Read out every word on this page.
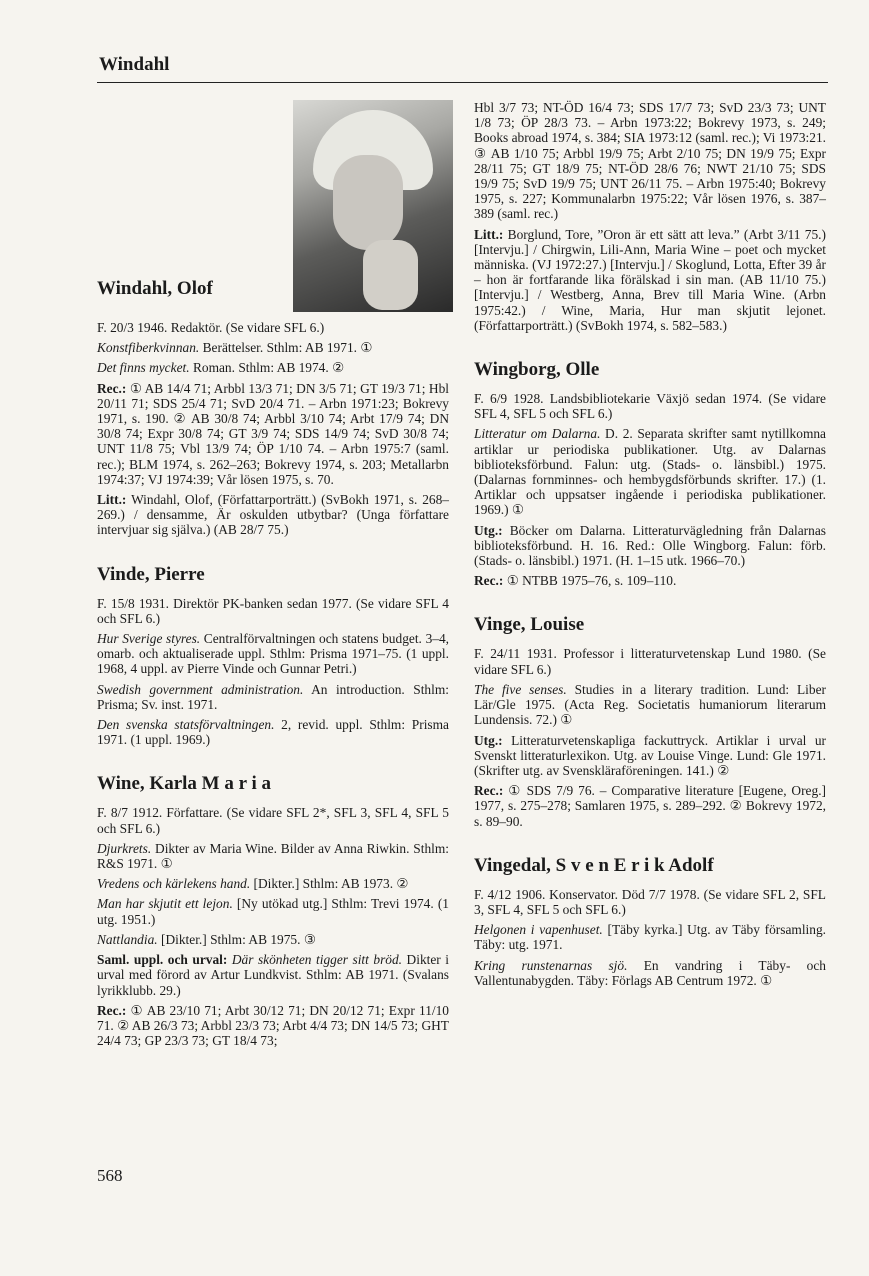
Windahl
Windahl, Olof

F. 20/3 1946. Redaktör. (Se vidare SFL 6.)

Konstfiberkvinnan. Berättelser. Sthlm: AB 1971. ①

Det finns mycket. Roman. Sthlm: AB 1974. ②

Rec.: ① AB 14/4 71; Arbbl 13/3 71; DN 3/5 71; GT 19/3 71; Hbl 20/11 71; SDS 25/4 71; SvD 20/4 71. – Arbn 1971:23; Bokrevy 1971, s. 190. ② AB 30/8 74; Arbbl 3/10 74; Arbt 17/9 74; DN 30/8 74; Expr 30/8 74; GT 3/9 74; SDS 14/9 74; SvD 30/8 74; UNT 11/8 75; Vbl 13/9 74; ÖP 1/10 74. – Arbn 1975:7 (saml. rec.); BLM 1974, s. 262–263; Bokrevy 1974, s. 203; Metallarbn 1974:37; VJ 1974:39; Vår lösen 1975, s. 70.

Litt.: Windahl, Olof, (Författarporträtt.) (SvBokh 1971, s. 268–269.) / densamme, Är oskulden utbytbar? (Unga författare intervjuar sig själva.) (AB 28/7 75.)

Vinde, Pierre

F. 15/8 1931. Direktör PK-banken sedan 1977. (Se vidare SFL 4 och SFL 6.)

Hur Sverige styres. Centralförvaltningen och statens budget. 3–4, omarb. och aktualiserade uppl. Sthlm: Prisma 1971–75. (1 uppl. 1968, 4 uppl. av Pierre Vinde och Gunnar Petri.)

Swedish government administration. An introduction. Sthlm: Prisma; Sv. inst. 1971.

Den svenska statsförvaltningen. 2, revid. uppl. Sthlm: Prisma 1971. (1 uppl. 1969.)

Wine, Karla M a r i a

F. 8/7 1912. Författare. (Se vidare SFL 2*, SFL 3, SFL 4, SFL 5 och SFL 6.)

Djurkrets. Dikter av Maria Wine. Bilder av Anna Riwkin. Sthlm: R&S 1971. ①

Vredens och kärlekens hand. [Dikter.] Sthlm: AB 1973. ②

Man har skjutit ett lejon. [Ny utökad utg.] Sthlm: Trevi 1974. (1 utg. 1951.)

Nattlandia. [Dikter.] Sthlm: AB 1975. ③

Saml. uppl. och urval: Där skönheten tigger sitt bröd. Dikter i urval med förord av Artur Lundkvist. Sthlm: AB 1971. (Svalans lyrikklubb. 29.)

Rec.: ① AB 23/10 71; Arbt 30/12 71; DN 20/12 71; Expr 11/10 71. ② AB 26/3 73; Arbbl 23/3 73; Arbt 4/4 73; DN 14/5 73; GHT 24/4 73; GP 23/3 73; GT 18/4 73;

Hbl 3/7 73; NT-ÖD 16/4 73; SDS 17/7 73; SvD 23/3 73; UNT 1/8 73; ÖP 28/3 73. – Arbn 1973:22; Bokrevy 1973, s. 249; Books abroad 1974, s. 384; SIA 1973:12 (saml. rec.); Vi 1973:21. ③ AB 1/10 75; Arbbl 19/9 75; Arbt 2/10 75; DN 19/9 75; Expr 28/11 75; GT 18/9 75; NT-ÖD 28/6 76; NWT 21/10 75; SDS 19/9 75; SvD 19/9 75; UNT 26/11 75. – Arbn 1975:40; Bokrevy 1975, s. 227; Kommunalarbn 1975:22; Vår lösen 1976, s. 387–389 (saml. rec.)

Litt.: Borglund, Tore, ”Oron är ett sätt att leva.” (Arbt 3/11 75.) [Intervju.] / Chirgwin, Lili-Ann, Maria Wine – poet och mycket människa. (VJ 1972:27.) [Intervju.] / Skoglund, Lotta, Efter 39 år – hon är fortfarande lika förälskad i sin man. (AB 11/10 75.) [Intervju.] / Westberg, Anna, Brev till Maria Wine. (Arbn 1975:42.) / Wine, Maria, Hur man skjutit lejonet. (Författarporträtt.) (SvBokh 1974, s. 582–583.)

Wingborg, Olle

F. 6/9 1928. Landsbibliotekarie Växjö sedan 1974. (Se vidare SFL 4, SFL 5 och SFL 6.)

Litteratur om Dalarna. D. 2. Separata skrifter samt nytillkomna artiklar ur periodiska publikationer. Utg. av Dalarnas biblioteksförbund. Falun: utg. (Stads- o. länsbibl.) 1975. (Dalarnas fornminnes- och hembygdsförbunds skrifter. 17.) (1. Artiklar och uppsatser ingående i periodiska publikationer. 1969.) ①

Utg.: Böcker om Dalarna. Litteraturvägledning från Dalarnas biblioteksförbund. H. 16. Red.: Olle Wingborg. Falun: förb. (Stads- o. länsbibl.) 1971. (H. 1–15 utk. 1966–70.)

Rec.: ① NTBB 1975–76, s. 109–110.

Vinge, Louise

F. 24/11 1931. Professor i litteraturvetenskap Lund 1980. (Se vidare SFL 6.)

The five senses. Studies in a literary tradition. Lund: Liber Lär/Gle 1975. (Acta Reg. Societatis humaniorum literarum Lundensis. 72.) ①

Utg.: Litteraturvetenskapliga fackuttryck. Artiklar i urval ur Svenskt litteraturlexikon. Utg. av Louise Vinge. Lund: Gle 1971. (Skrifter utg. av Svenskläraföreningen. 141.) ②

Rec.: ① SDS 7/9 76. – Comparative literature [Eugene, Oreg.] 1977, s. 275–278; Samlaren 1975, s. 289–292. ② Bokrevy 1972, s. 89–90.

Vingedal, S v e n E r i k Adolf

F. 4/12 1906. Konservator. Död 7/7 1978. (Se vidare SFL 2, SFL 3, SFL 4, SFL 5 och SFL 6.)

Helgonen i vapenhuset. [Täby kyrka.] Utg. av Täby församling. Täby: utg. 1971.

Kring runstenarnas sjö. En vandring i Täby- och Vallentunabygden. Täby: Förlags AB Centrum 1972. ①

568
